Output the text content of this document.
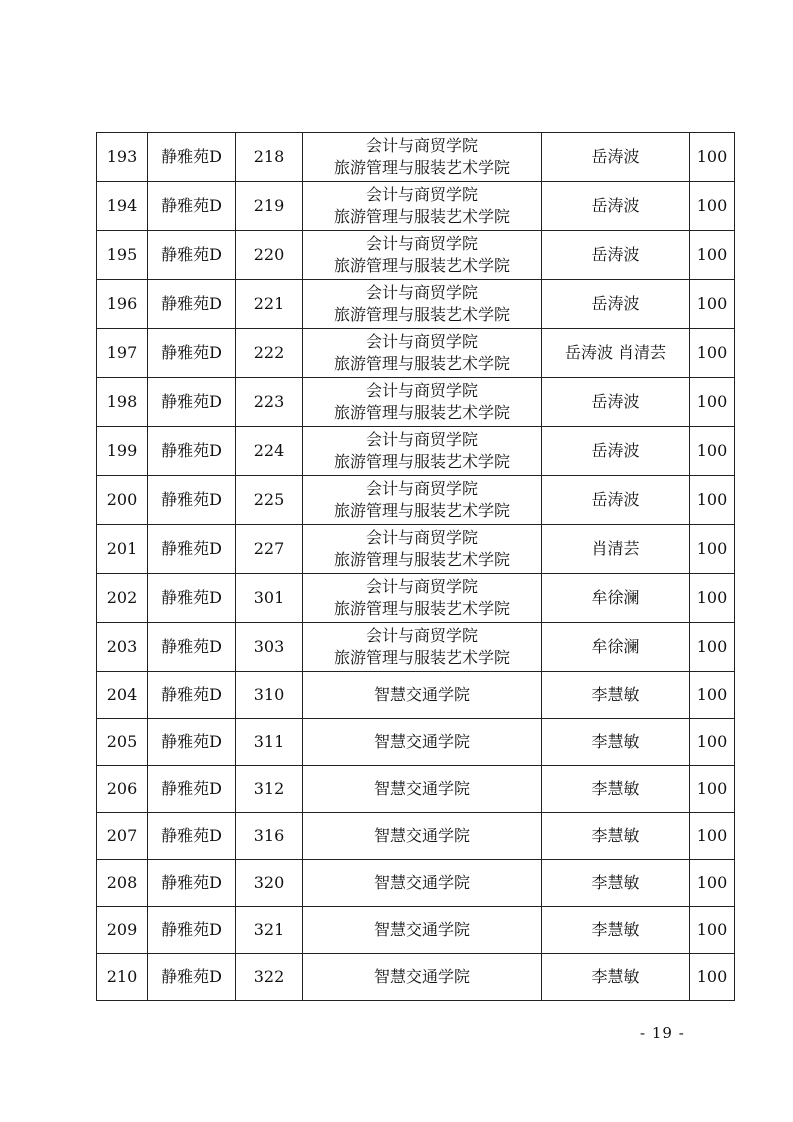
193	静雅苑D	218	会计与商贸学院
旅游管理与服装艺术学院	岳涛波	100
194	静雅苑D	219	会计与商贸学院
旅游管理与服装艺术学院	岳涛波	100
195	静雅苑D	220	会计与商贸学院
旅游管理与服装艺术学院	岳涛波	100
196	静雅苑D	221	会计与商贸学院
旅游管理与服装艺术学院	岳涛波	100
197	静雅苑D	222	会计与商贸学院
旅游管理与服装艺术学院	岳涛波 肖清芸	100
198	静雅苑D	223	会计与商贸学院
旅游管理与服装艺术学院	岳涛波	100
199	静雅苑D	224	会计与商贸学院
旅游管理与服装艺术学院	岳涛波	100
200	静雅苑D	225	会计与商贸学院
旅游管理与服装艺术学院	岳涛波	100
201	静雅苑D	227	会计与商贸学院
旅游管理与服装艺术学院	肖清芸	100
202	静雅苑D	301	会计与商贸学院
旅游管理与服装艺术学院	牟徐澜	100
203	静雅苑D	303	会计与商贸学院
旅游管理与服装艺术学院	牟徐澜	100
204	静雅苑D	310	智慧交通学院	李慧敏	100
205	静雅苑D	311	智慧交通学院	李慧敏	100
206	静雅苑D	312	智慧交通学院	李慧敏	100
207	静雅苑D	316	智慧交通学院	李慧敏	100
208	静雅苑D	320	智慧交通学院	李慧敏	100
209	静雅苑D	321	智慧交通学院	李慧敏	100
210	静雅苑D	322	智慧交通学院	李慧敏	100
- 19 -
